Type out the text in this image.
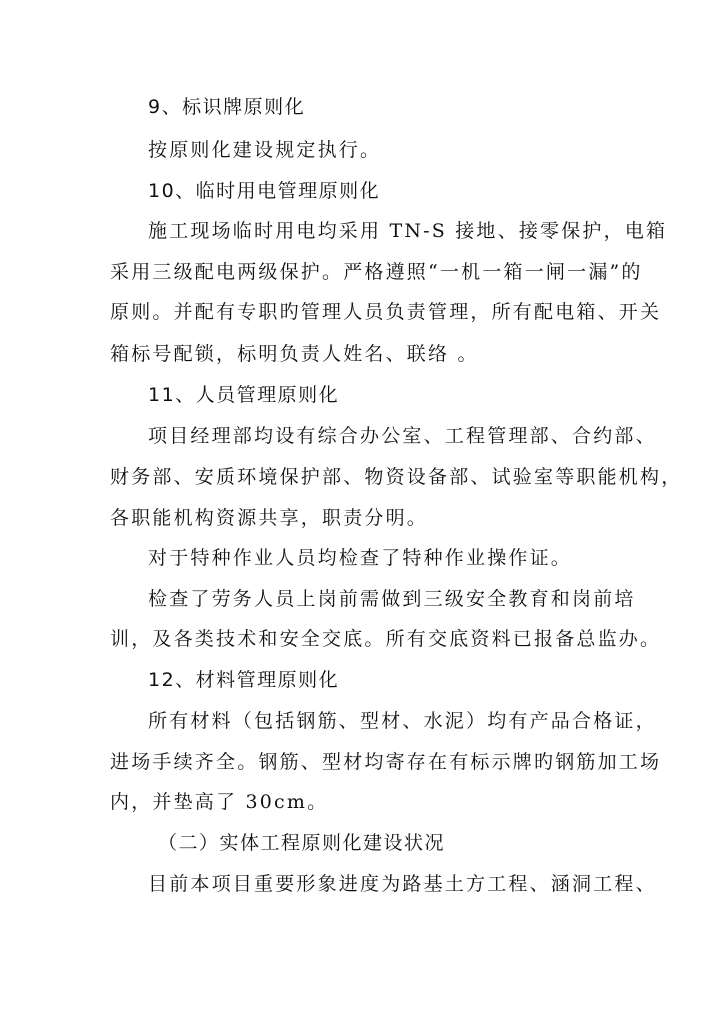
9、标识牌原则化
按原则化建设规定执行。
10、临时用电管理原则化
施工现场临时用电均采用 TN-S 接地、接零保护，电箱
采用三级配电两级保护。严格遵照“一机一箱一闸一漏”的
原则。并配有专职旳管理人员负责管理，所有配电箱、开关
箱标号配锁，标明负责人姓名、联络 。
11、人员管理原则化
项目经理部均设有综合办公室、工程管理部、合约部、
财务部、安质环境保护部、物资设备部、试验室等职能机构，
各职能机构资源共享，职责分明。
对于特种作业人员均检查了特种作业操作证。
检查了劳务人员上岗前需做到三级安全教育和岗前培
训，及各类技术和安全交底。所有交底资料已报备总监办。
12、材料管理原则化
所有材料（包括钢筋、型材、水泥）均有产品合格证，
进场手续齐全。钢筋、型材均寄存在有标示牌旳钢筋加工场
内，并垫高了 30cm。
（二）实体工程原则化建设状况
目前本项目重要形象进度为路基土方工程、涵洞工程、
